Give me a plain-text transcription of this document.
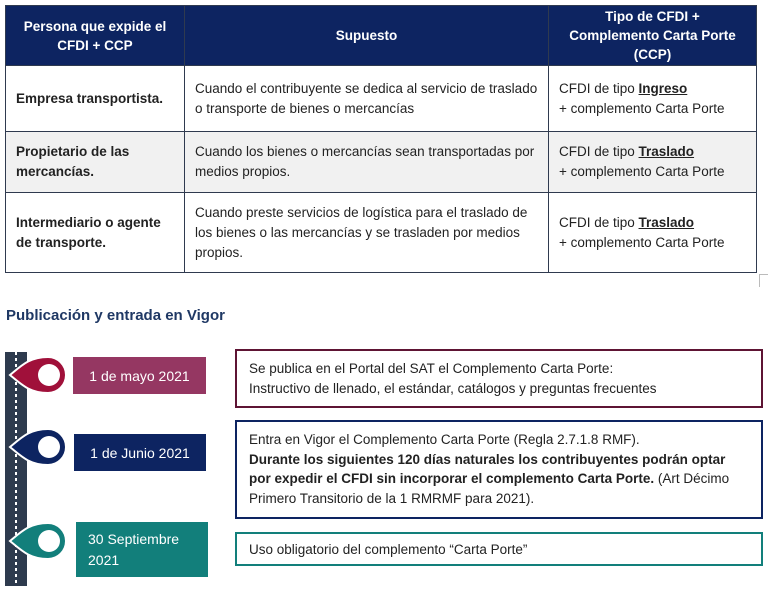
Persona que expide el CFDI + CCP	Supuesto	Tipo de CFDI + Complemento Carta Porte (CCP)
Empresa transportista.	Cuando el contribuyente se dedica al servicio de traslado o transporte de bienes o mercancías	CFDI de tipo Ingreso
+ complemento Carta Porte
Propietario de las mercancías.	Cuando los bienes o mercancías sean transportadas por medios propios.	CFDI de tipo Traslado
+ complemento Carta Porte
Intermediario o agente de transporte.	Cuando preste servicios de logística para el traslado de los bienes o las mercancías y se trasladen por medios propios.	CFDI de tipo Traslado
+ complemento Carta Porte
Publicación y entrada en Vigor
1 de mayo 2021
1 de Junio 2021
30 Septiembre
2021
Se publica en el Portal del SAT el Complemento Carta Porte:
Instructivo de llenado, el estándar, catálogos y preguntas frecuentes
Entra en Vigor el Complemento Carta Porte (Regla 2.7.1.8 RMF).
Durante los siguientes 120 días naturales los contribuyentes podrán optar por expedir el CFDI sin incorporar el complemento Carta Porte. (Art Décimo Primero Transitorio de la 1 RMRMF para 2021).
Uso obligatorio del complemento “Carta Porte”
